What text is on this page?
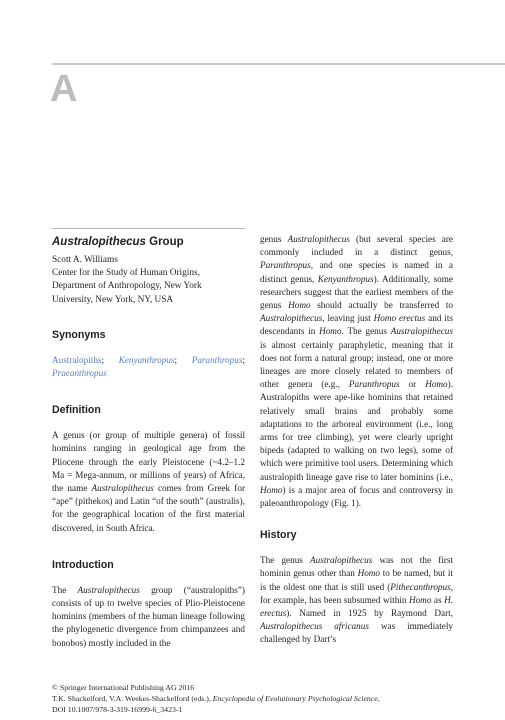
A
Australopithecus Group
Scott A. Williams
Center for the Study of Human Origins,
Department of Anthropology, New York
University, New York, NY, USA
Synonyms

Australopiths; Kenyanthropus; Paranthropus; Praeanthropus

Definition

A genus (or group of multiple genera) of fossil hominins ranging in geological age from the Pliocene through the early Pleistocene (~4.2–1.2 Ma = Mega-annum, or millions of years) of Africa, the name Australopithecus comes from Greek for “ape” (pithekos) and Latin “of the south” (australis), for the geographical location of the first material discovered, in South Africa.

Introduction

The Australopithecus group (“australopiths”) consists of up to twelve species of Plio-Pleistocene hominins (members of the human lineage following the phylogenetic divergence from chimpanzees and bonobos) mostly included in the

genus Australopithecus (but several species are commonly included in a distinct genus, Paranthropus, and one species is named in a distinct genus, Kenyanthropus). Additionally, some researchers suggest that the earliest members of the genus Homo should actually be transferred to Australopithecus, leaving just Homo erectus and its descendants in Homo. The genus Australopithecus is almost certainly paraphyletic, meaning that it does not form a natural group; instead, one or more lineages are more closely related to members of other genera (e.g., Paranthropus or Homo). Australopiths were ape-like hominins that retained relatively small brains and probably some adaptations to the arboreal environment (i.e., long arms for tree climbing), yet were clearly upright bipeds (adapted to walking on two legs), some of which were primitive tool users. Determining which australopith lineage gave rise to later hominins (i.e., Homo) is a major area of focus and controversy in paleoanthropology (Fig. 1).

History

The genus Australopithecus was not the first hominin genus other than Homo to be named, but it is the oldest one that is still used (Pithecanthropus, for example, has been subsumed within Homo as H. erectus). Named in 1925 by Raymond Dart, Australopithecus africanus was immediately challenged by Dart’s

© Springer International Publishing AG 2016
T.K. Shackelford, V.A. Weekes-Shackelford (eds.), Encyclopedia of Evolutionary Psychological Science,
DOI 10.1007/978-3-319-16999-6_3423-1
